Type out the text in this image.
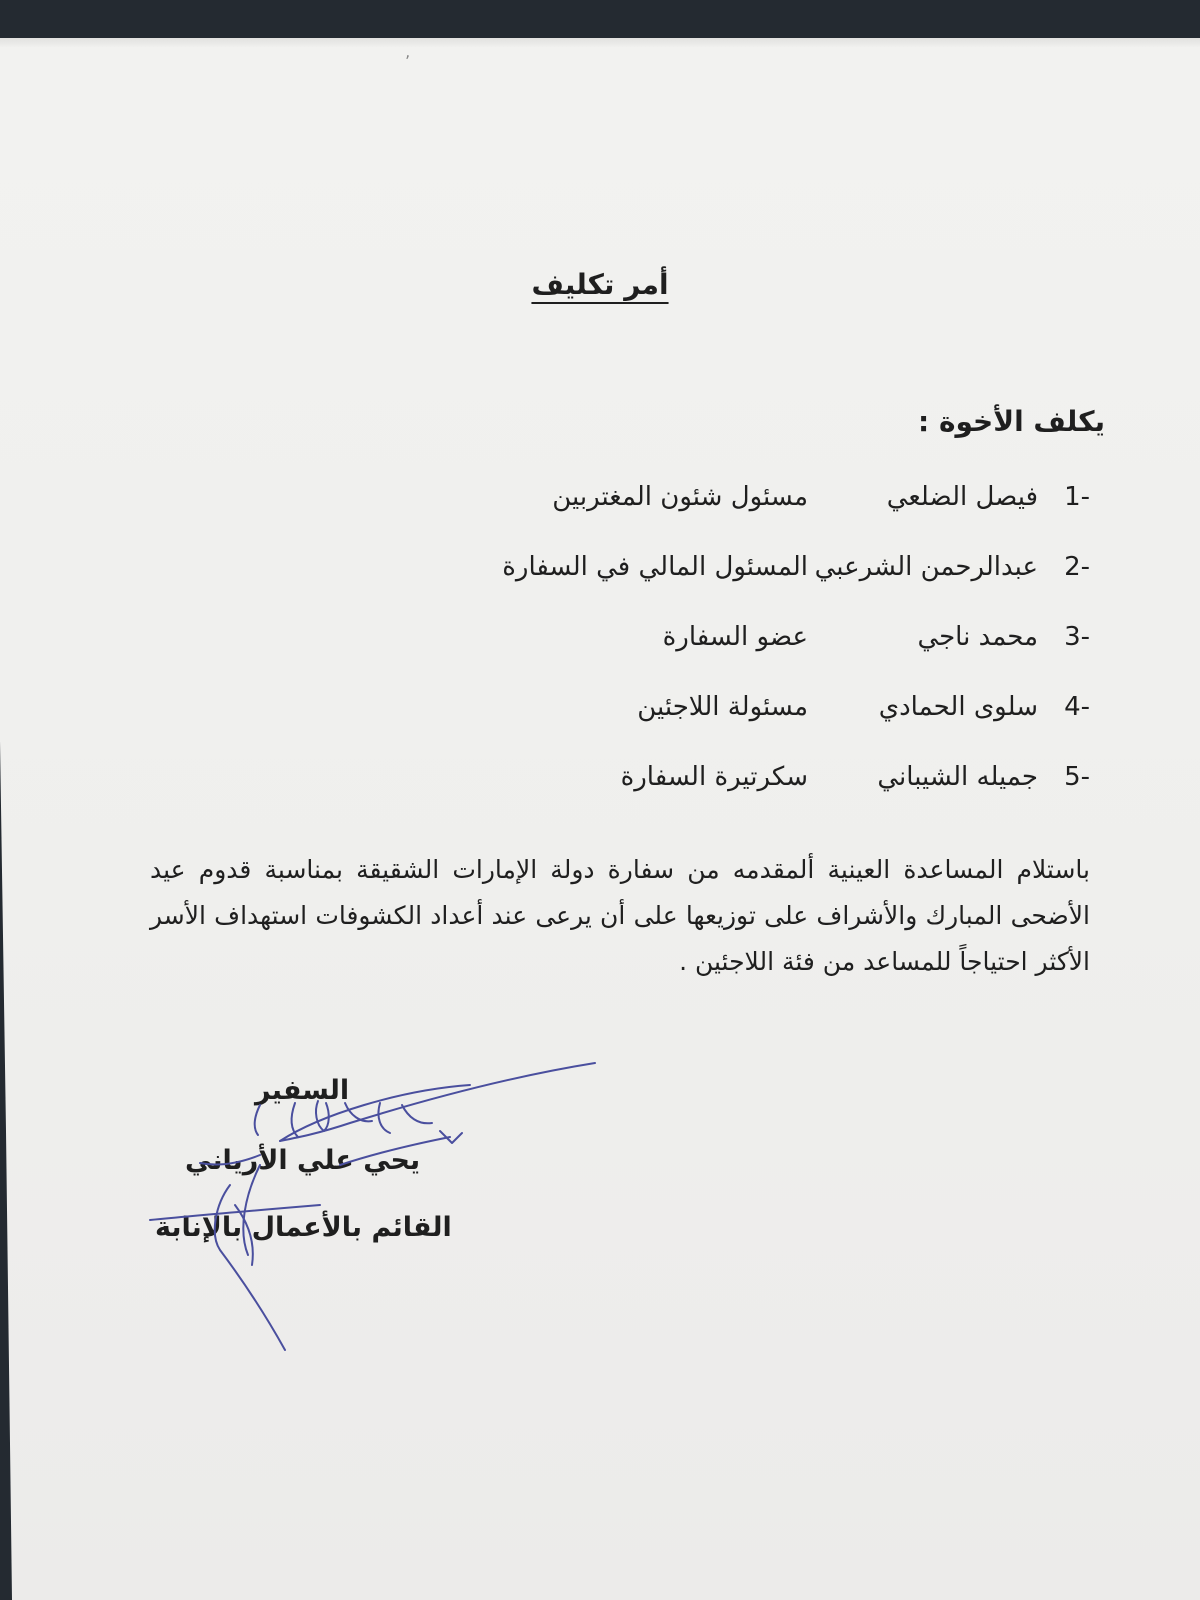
ʼ
أمر تكليف
يكلف الأخوة :
-1
فيصل الضلعي
مسئول شئون المغتربين
-2
عبدالرحمن الشرعبي
المسئول المالي في السفارة
-3
محمد ناجي
عضو السفارة
-4
سلوى الحمادي
مسئولة اللاجئين
-5
جميله الشيباني
سكرتيرة السفارة

باستلام المساعدة العينية ألمقدمه من سفارة دولة الإمارات الشقيقة بمناسبة قدوم عيد الأضحى المبارك والأشراف على توزيعها على أن يرعى عند أعداد الكشوفات استهداف الأسر الأكثر احتياجاً للمساعد من فئة اللاجئين .

السفير
يحي علي الأرياني
القائم بالأعمال بالإنابة
